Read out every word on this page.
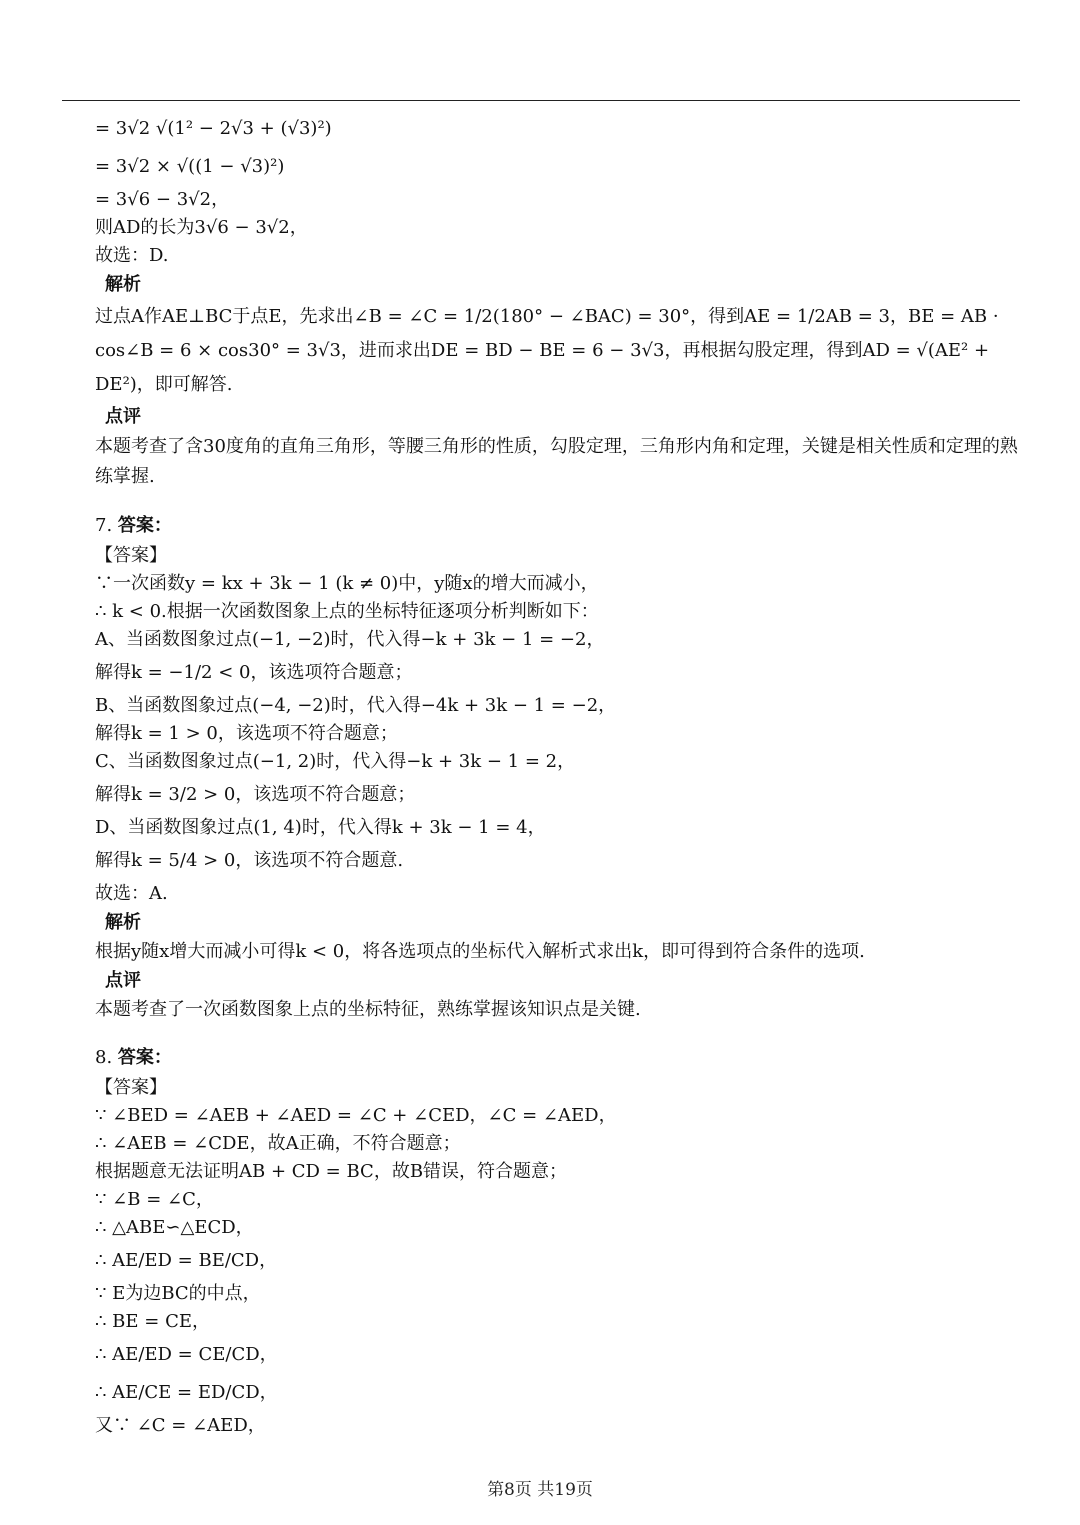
= 3√2 √(1² − 2√3 + (√3)²)
= 3√2 × √((1 − √3)²)
= 3√6 − 3√2，
则AD的长为3√6 − 3√2，
故选：D.
解析
过点A作AE⊥BC于点E，先求出∠B = ∠C = 1/2(180° − ∠BAC) = 30°，得到AE = 1/2AB = 3，BE = AB · cos∠B = 6 × cos30° = 3√3，进而求出DE = BD − BE = 6 − 3√3，再根据勾股定理，得到AD = √(AE² + DE²)，即可解答.
点评
本题考查了含30度角的直角三角形，等腰三角形的性质，勾股定理，三角形内角和定理，关键是相关性质和定理的熟练掌握.
7. 答案：
【答案】
∵一次函数y = kx + 3k − 1 (k ≠ 0)中，y随x的增大而减小，
∴ k < 0.根据一次函数图象上点的坐标特征逐项分析判断如下：
A、当函数图象过点(−1, −2)时，代入得−k + 3k − 1 = −2，
解得k = −1/2 < 0，该选项符合题意；
B、当函数图象过点(−4, −2)时，代入得−4k + 3k − 1 = −2，
解得k = 1 > 0，该选项不符合题意；
C、当函数图象过点(−1, 2)时，代入得−k + 3k − 1 = 2，
解得k = 3/2 > 0，该选项不符合题意；
D、当函数图象过点(1, 4)时，代入得k + 3k − 1 = 4，
解得k = 5/4 > 0，该选项不符合题意.
故选：A.
解析
根据y随x增大而减小可得k < 0，将各选项点的坐标代入解析式求出k，即可得到符合条件的选项.
点评
本题考查了一次函数图象上点的坐标特征，熟练掌握该知识点是关键.
8. 答案：
【答案】
∵ ∠BED = ∠AEB + ∠AED = ∠C + ∠CED，∠C = ∠AED，
∴ ∠AEB = ∠CDE，故A正确，不符合题意；
根据题意无法证明AB + CD = BC，故B错误，符合题意；
∵ ∠B = ∠C，
∴ △ABE∽△ECD，
∴ AE/ED = BE/CD，
∵ E为边BC的中点，
∴ BE = CE，
∴ AE/ED = CE/CD，
∴ AE/CE = ED/CD，
又∵ ∠C = ∠AED，
第8页 共19页
